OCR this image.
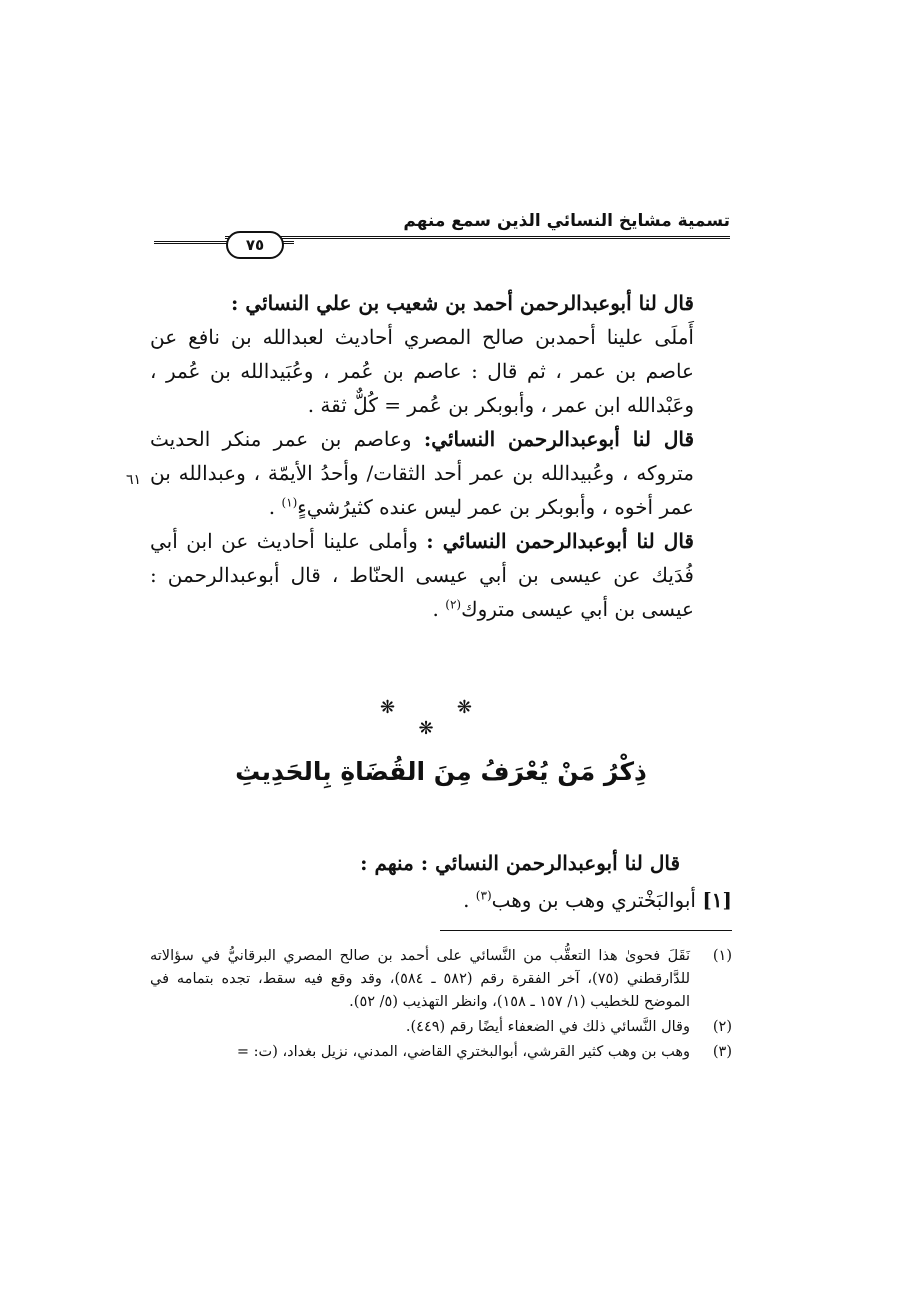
تسمية مشايخ النسائي الذين سمع منهم
٧٥
٦١

قال لنا أبوعبدالرحمن أحمد بن شعيب بن علي النسائي :

أَملَى علينا أحمدبن صالح المصري أحاديث لعبدالله بن نافع عن عاصم بن عمر ، ثم قال : عاصم بن عُمر ، وعُبَيدالله بن عُمر ، وعَبْدالله ابن عمر ، وأبوبكر بن عُمر = كُلٌّ ثقة .

قال لنا أبوعبدالرحمن النسائي: وعاصم بن عمر منكر الحديث متروكه ، وعُبيدالله بن عمر أحد الثقات/ وأحدُ الأيمّة ، وعبدالله بن عمر أخوه ، وأبوبكر بن عمر ليس عنده كثيرُشيءٍ$^{(١)}$ .

قال لنا أبوعبدالرحمن النسائي : وأملى علينا أحاديث عن ابن أبي فُدَيك عن عيسى بن أبي عيسى الحنّاط ، قال أبوعبدالرحمن : عيسى بن أبي عيسى متروك$^{(٢)}$ .

❋ ❋ ❋
ذِكْرُ مَنْ يُعْرَفُ مِنَ القُضَاةِ بِالحَدِيثِ
قال لنا أبوعبدالرحمن النسائي : منهم :
[١] أبوالبَخْتري وهب بن وهب$^{(٣)}$ .

(١)
نَقَلَ فحوىٰ هذا التعقُّب من النَّسائي على أحمد بن صالح المصري البرقانيُّ في سؤالاته للدَّارقطني (٧٥)، آخر الفقرة رقم (٥٨٢ ـ ٥٨٤)، وقد وقع فيه سقط، تجده بتمامه في الموضح للخطيب (١/ ١٥٧ ـ ١٥٨)، وانظر التهذيب (٥/ ٥٢).

(٢)
وقال النَّسائي ذلك في الضعفاء أيضًا رقم (٤٤٩).

(٣)
وهب بن وهب كثير القرشي، أبوالبختري القاضي، المدني، نزيل بغداد، (ت: =
